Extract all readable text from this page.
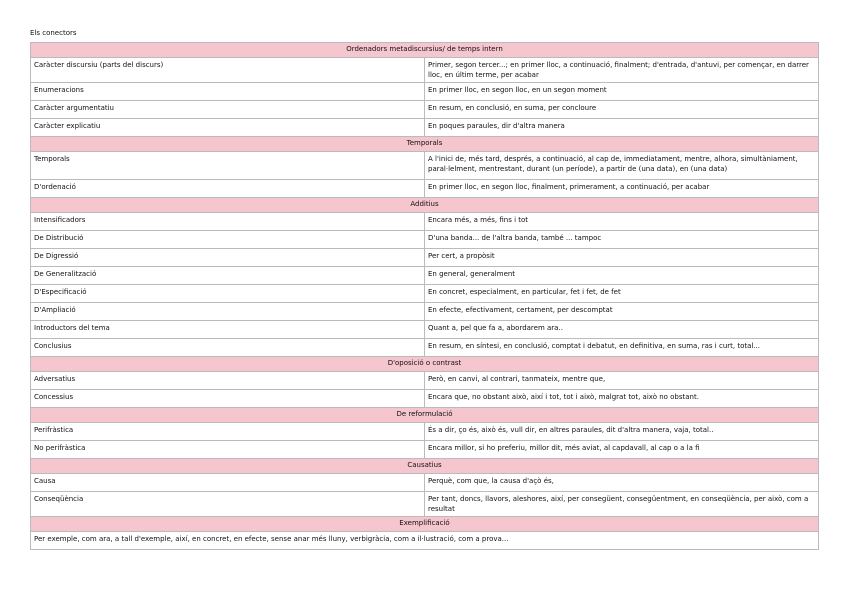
Els conectors
Ordenadors metadiscursius/ de temps intern	
Caràcter discursiu (parts del discurs)	Primer, segon tercer...; en primer lloc, a continuació, finalment; d'entrada, d'antuvi, per començar, en darrer lloc, en últim terme, per acabar
Enumeracions	En primer lloc, en segon lloc, en un segon moment
Caràcter argumentatiu	En resum, en conclusió, en suma, per concloure
Caràcter explicatiu	En poques paraules, dir d'altra manera
Temporals	
Temporals	A l'inici de, més tard, després, a continuació, al cap de, immediatament, mentre, alhora, simultàniament, paral·lelment, mentrestant, durant (un període), a partir de (una data), en (una data)
D'ordenació	En primer lloc, en segon lloc, finalment, primerament, a continuació, per acabar
Additius	
Intensificadors	Encara més, a més, fins i tot
De Distribució	D'una banda... de l'altra banda, també ... tampoc
De Digressió	Per cert, a propòsit
De Generalització	En general, generalment
D'Especificació	En concret, especialment, en particular, fet i fet, de fet
D'Ampliació	En efecte, efectivament, certament, per descomptat
Introductors del tema	Quant a, pel que fa a, abordarem ara..
Conclusius	En resum, en síntesi, en conclusió, comptat i debatut, en definitiva, en suma, ras i curt, total...
D'oposició o contrast	
Adversatius	Però, en canvi, al contrari, tanmateix, mentre que,
Concessius	Encara que, no obstant això, així i tot, tot i això, malgrat tot, això no obstant.
De reformulació	
Perifràstica	És a dir, ço és, això és, vull dir, en altres paraules, dit d'altra manera, vaja, total..
No perifràstica	Encara millor, si ho preferiu, millor dit, més aviat, al capdavall, al cap o a la fi
Causatius	
Causa	Perquè, com que, la causa d'açò és,
Conseqüència	Per tant, doncs, llavors, aleshores, així, per consegüent, consegüentment, en conseqüència, per això, com a resultat
Exemplificació	
Per exemple, com ara, a tall d'exemple, així, en concret, en efecte, sense anar més lluny, verbigràcia, com a il·lustració, com a prova...	
